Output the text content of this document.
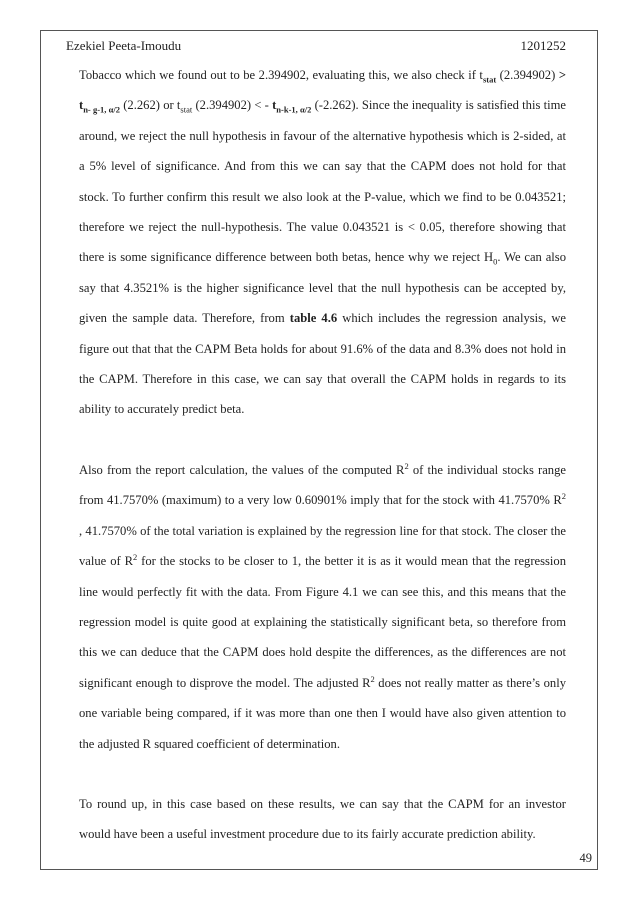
Ezekiel Peeta-Imoudu	1201252

Tobacco which we found out to be 2.394902, evaluating this, we also check if $t_{stat}$ $(2.394902) > t_{n- g-1, \alpha/2}$ (2.262) or $t_{stat}$ (2.394902) < - $t_{n-k-1, \alpha/2}$ (-2.262). Since the inequality is satisfied this time around, we reject the null hypothesis in favour of the alternative hypothesis which is 2-sided, at a 5% level of significance. And from this we can say that the CAPM does not hold for that stock. To further confirm this result we also look at the P-value, which we find to be 0.043521; therefore we reject the null-hypothesis. The value 0.043521 is < 0.05, therefore showing that there is some significance difference between both betas, hence why we reject $H_0$. We can also say that 4.3521% is the higher significance level that the null hypothesis can be accepted by, given the sample data. Therefore, from table 4.6 which includes the regression analysis, we figure out that that the CAPM Beta holds for about 91.6% of the data and 8.3% does not hold in the CAPM. Therefore in this case, we can say that overall the CAPM holds in regards to its ability to accurately predict beta.

Also from the report calculation, the values of the computed $R^2$ of the individual stocks range from 41.7570% (maximum) to a very low 0.60901% imply that for the stock with 41.7570% $R^2$ , 41.7570% of the total variation is explained by the regression line for that stock. The closer the value of $R^2$ for the stocks to be closer to 1, the better it is as it would mean that the regression line would perfectly fit with the data. From Figure 4.1 we can see this, and this means that the regression model is quite good at explaining the statistically significant beta, so therefore from this we can deduce that the CAPM does hold despite the differences, as the differences are not significant enough to disprove the model. The adjusted $R^2$ does not really matter as there’s only one variable being compared, if it was more than one then I would have also given attention to the adjusted R squared coefficient of determination.

To round up, in this case based on these results, we can say that the CAPM for an investor would have been a useful investment procedure due to its fairly accurate prediction ability.

49
